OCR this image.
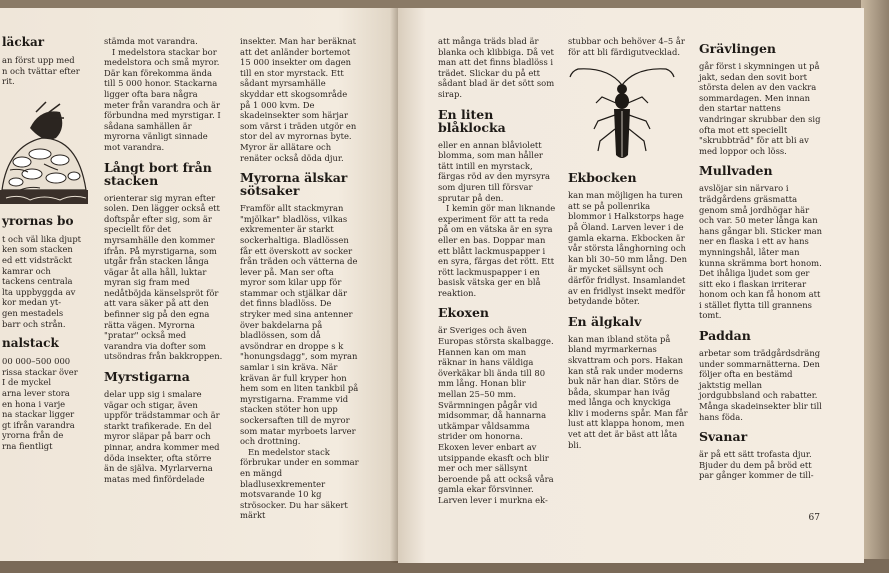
läckar
an först upp med
n och tvättar efter
rit.
yrornas bo
t och väl lika djupt
ken som stacken
ed ett vidsträckt
kamrar och
tackens centrala
lta uppbyggda av
kor medan yt-
gen mestadels
barr och strån.
nalstack
00 000–500 000
rissa stackar över
I de myckel
arna lever stora
en hona i varje
na stackar ligger
gt ifrån varandra
yrorna från de
rna fientligt

stämda mot varandra.

I medelstora stackar bor medelstora och små myror. Där kan förekomma ända till 5 000 honor. Stackarna ligger ofta bara några meter från varandra och är förbundna med myrstigar. I sådana samhällen är myrorna vänligt sinnade mot varandra.

Långt bort från stacken

orienterar sig myran efter solen. Den lägger också ett doftspår efter sig, som är speciellt för det myrsamhälle den kommer ifrån. På myrstigarna, som utgår från stacken långa vägar åt alla håll, luktar myran sig fram med nedåtböjda känselspröt för att vara säker på att den befinner sig på den egna rätta vägen. Myrorna "pratar" också med varandra via dofter som utsöndras från bakkroppen.

Myrstigarna

delar upp sig i smalare vägar och stigar, även uppför trädstammar och är starkt trafikerade. En del myror släpar på barr och pinnar, andra kommer med döda insekter, ofta större än de själva. Myrlarverna matas med finfördelade

insekter. Man har beräknat att det anländer bortemot 15 000 insekter om dagen till en stor myrstack. Ett sådant myrsamhälle skyddar ett skogsområde på 1 000 kvm. De skadeinsekter som härjar som värst i träden utgör en stor del av myrornas byte. Myror är allätare och renäter också döda djur.

Myrorna älskar sötsaker

Framför allt stackmyran "mjölkar" bladlöss, vilkas exkrementer är starkt sockerhaltiga. Bladlössen får ett överskott av socker från träden och vätterna de lever på. Man ser ofta myror som kilar upp för stammar och stjälkar där det finns bladlöss. De stryker med sina antenner över bakdelarna på bladlössen, som då avsöndrar en droppe s k "honungsdagg", som myran samlar i sin kräva. När krävan är full kryper hon hem som en liten tankbil på myrstigarna. Framme vid stacken stöter hon upp sockersaften till de myror som matar myrboets larver och drottning.

En medelstor stack förbrukar under en sommar en mängd bladlusexkrementer motsvarande 10 kg strösocker. Du har säkert märkt

att många träds blad är blanka och klibbiga. Då vet man att det finns bladlöss i trädet. Slickar du på ett sådant blad är det sött som sirap.

En liten blåklocka

eller en annan blåviolett blomma, som man håller tätt intill en myrstack, färgas röd av den myrsyra som djuren till försvar sprutar på den.

I kemin gör man liknande experiment för att ta reda på om en vätska är en syra eller en bas. Doppar man ett blått lackmuspapper i en syra, färgas det rött. Ett rött lackmuspapper i en basisk vätska ger en blå reaktion.

Ekoxen

är Sveriges och även Europas största skalbagge. Hannen kan om man räknar in hans väldiga överkäkar bli ända till 80 mm lång. Honan blir mellan 25–50 mm. Svärmningen pågår vid midsommar, då hannarna utkämpar våldsamma strider om honorna. Ekoxen lever enbart av utsippande ekasft och blir mer och mer sällsynt beroende på att också våra gamla ekar försvinner. Larven lever i murkna ek-

stubbar och behöver 4–5 år för att bli färdigutvecklad.

Ekbocken

kan man möjligen ha turen att se på pollenrika blommor i Halkstorps hage på Öland. Larven lever i de gamla ekarna. Ekbocken är vår största långhorning och kan bli 30–50 mm lång. Den är mycket sällsynt och därför fridlyst. Insamlandet av en fridlyst insekt medför betydande böter.

En älgkalv

kan man ibland stöta på bland myrmarkernas skvattram och pors. Hakan kan stå rak under moderns buk när han diar. Störs de båda, skumpar han iväg med långa och knyckiga kliv i moderns spår. Man får lust att klappa honom, men vet att det är bäst att låta bli.

Grävlingen

går först i skymningen ut på jakt, sedan den sovit bort största delen av den vackra sommardagen. Men innan den startar nattens vandringar skrubbar den sig ofta mot ett speciellt "skrubbträd" för att bli av med loppor och löss.

Mullvaden

avslöjar sin närvaro i trädgårdens gräsmatta genom små jordhögar här och var. 50 meter långa kan hans gångar bli. Sticker man ner en flaska i ett av hans mynningshål, låter man kunna skrämma bort honom. Det ihåliga ljudet som ger sitt eko i flaskan irriterar honom och kan få honom att i stället flytta till grannens tomt.

Paddan

arbetar som trädgårdsdräng under sommarnätterna. Den följer ofta en bestämd jaktstig mellan jordgubbsland och rabatter. Många skadeinsekter blir till hans föda.

Svanar

är på ett sätt trofasta djur. Bjuder du dem på bröd ett par gånger kommer de till-

67
